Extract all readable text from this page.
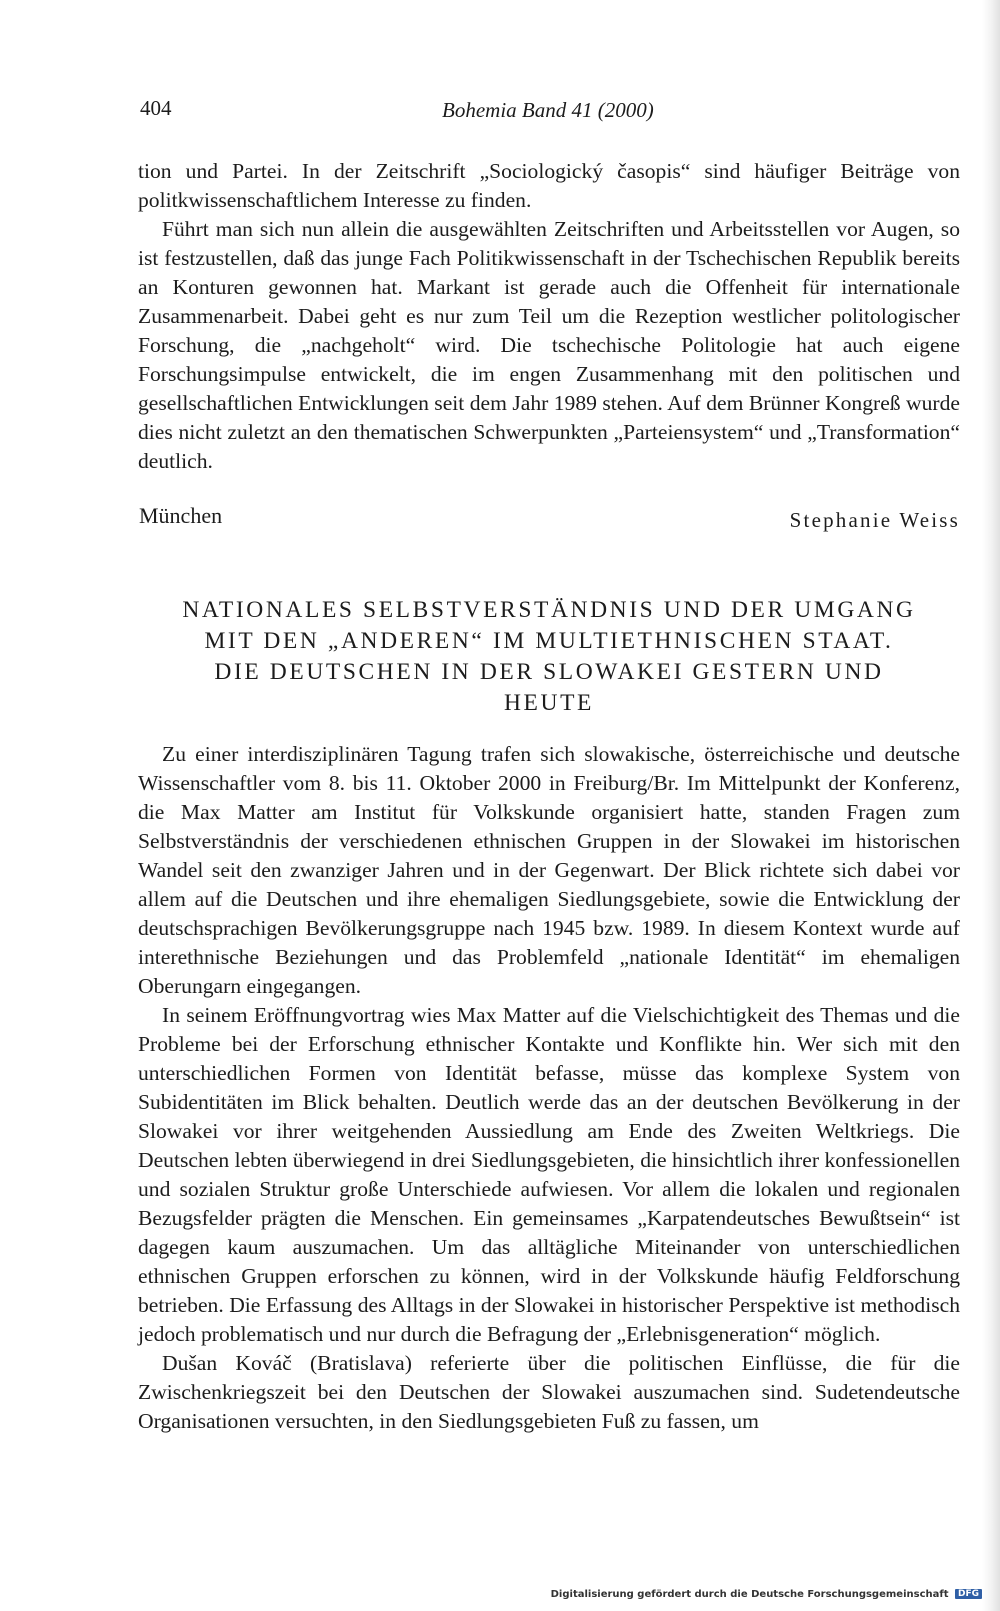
404	Bohemia Band 41 (2000)

tion und Partei. In der Zeitschrift „Sociologický časopis“ sind häufiger Beiträge von politkwissenschaftlichem Interesse zu finden.

Führt man sich nun allein die ausgewählten Zeitschriften und Arbeitsstellen vor Augen, so ist festzustellen, daß das junge Fach Politikwissenschaft in der Tschechischen Republik bereits an Konturen gewonnen hat. Markant ist gerade auch die Offenheit für internationale Zusammenarbeit. Dabei geht es nur zum Teil um die Rezeption westlicher politologischer Forschung, die „nachgeholt“ wird. Die tschechische Politologie hat auch eigene Forschungsimpulse entwickelt, die im engen Zusammenhang mit den politischen und gesellschaftlichen Entwicklungen seit dem Jahr 1989 stehen. Auf dem Brünner Kongreß wurde dies nicht zuletzt an den thematischen Schwerpunkten „Parteiensystem“ und „Transformation“ deutlich.

München	Stephanie Weiss
NATIONALES SELBSTVERSTÄNDNIS UND DER UMGANG
MIT DEN „ANDEREN“ IM MULTIETHNISCHEN STAAT.
DIE DEUTSCHEN IN DER SLOWAKEI GESTERN UND
HEUTE

Zu einer interdisziplinären Tagung trafen sich slowakische, österreichische und deutsche Wissenschaftler vom 8. bis 11. Oktober 2000 in Freiburg/Br. Im Mittelpunkt der Konferenz, die Max Matter am Institut für Volkskunde organisiert hatte, standen Fragen zum Selbstverständnis der verschiedenen ethnischen Gruppen in der Slowakei im historischen Wandel seit den zwanziger Jahren und in der Gegenwart. Der Blick richtete sich dabei vor allem auf die Deutschen und ihre ehemaligen Siedlungsgebiete, sowie die Entwicklung der deutschsprachigen Bevölkerungsgruppe nach 1945 bzw. 1989. In diesem Kontext wurde auf interethnische Beziehungen und das Problemfeld „nationale Identität“ im ehemaligen Oberungarn eingegangen.

In seinem Eröffnungvortrag wies Max Matter auf die Vielschichtigkeit des Themas und die Probleme bei der Erforschung ethnischer Kontakte und Konflikte hin. Wer sich mit den unterschiedlichen Formen von Identität befasse, müsse das komplexe System von Subidentitäten im Blick behalten. Deutlich werde das an der deutschen Bevölkerung in der Slowakei vor ihrer weitgehenden Aussiedlung am Ende des Zweiten Weltkriegs. Die Deutschen lebten überwiegend in drei Siedlungsgebieten, die hinsichtlich ihrer konfessionellen und sozialen Struktur große Unterschiede aufwiesen. Vor allem die lokalen und regionalen Bezugsfelder prägten die Menschen. Ein gemeinsames „Karpatendeutsches Bewußtsein“ ist dagegen kaum auszumachen. Um das alltägliche Miteinander von unterschiedlichen ethnischen Gruppen erforschen zu können, wird in der Volkskunde häufig Feldforschung betrieben. Die Erfassung des Alltags in der Slowakei in historischer Perspektive ist methodisch jedoch problematisch und nur durch die Befragung der „Erlebnisgeneration“ möglich.

Dušan Kováč (Bratislava) referierte über die politischen Einflüsse, die für die Zwischenkriegszeit bei den Deutschen der Slowakei auszumachen sind. Sudetendeutsche Organisationen versuchten, in den Siedlungsgebieten Fuß zu fassen, um

Digitalisierung gefördert durch die Deutsche Forschungsgemeinschaft DFG
